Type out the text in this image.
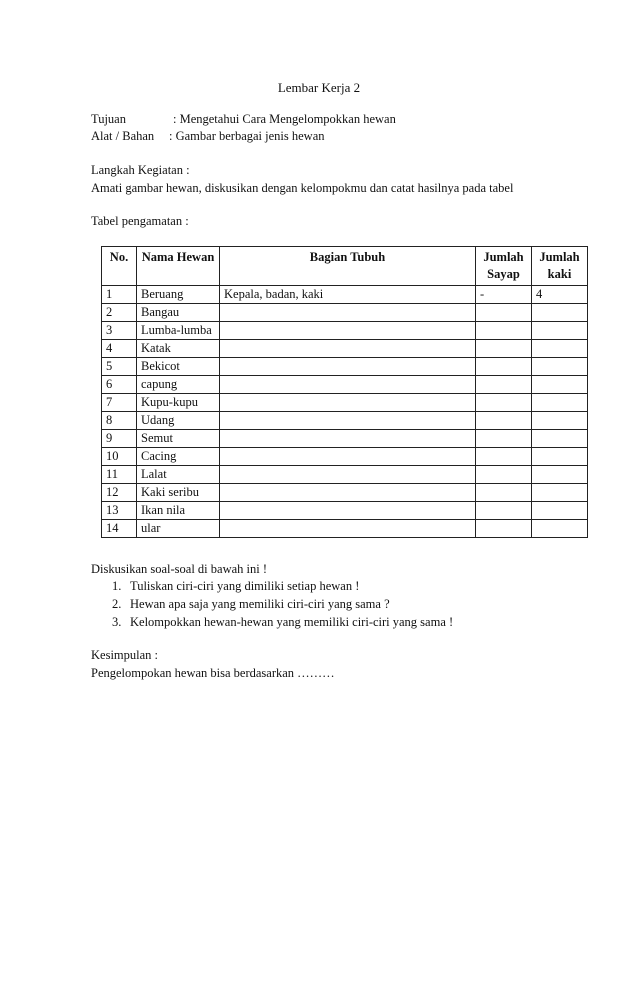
Lembar Kerja 2
Tujuan	: Mengetahui Cara Mengelompokkan hewan
Alat / Bahan : Gambar berbagai jenis hewan
Langkah Kegiatan :
Amati gambar hewan, diskusikan dengan kelompokmu dan catat hasilnya pada tabel
Tabel pengamatan :
No.	Nama Hewan	Bagian Tubuh	Jumlah Sayap	Jumlah kaki
1	Beruang	Kepala, badan, kaki	-	4
2	Bangau			
3	Lumba-lumba			
4	Katak			
5	Bekicot			
6	capung			
7	Kupu-kupu			
8	Udang			
9	Semut			
10	Cacing			
11	Lalat			
12	Kaki seribu			
13	Ikan nila			
14	ular			
Diskusikan soal-soal di bawah ini !
1. Tuliskan ciri-ciri yang dimiliki setiap hewan !
2. Hewan apa saja yang memiliki ciri-ciri yang sama ?
3. Kelompokkan hewan-hewan yang memiliki ciri-ciri yang sama !
Kesimpulan :
Pengelompokan hewan bisa berdasarkan ………
